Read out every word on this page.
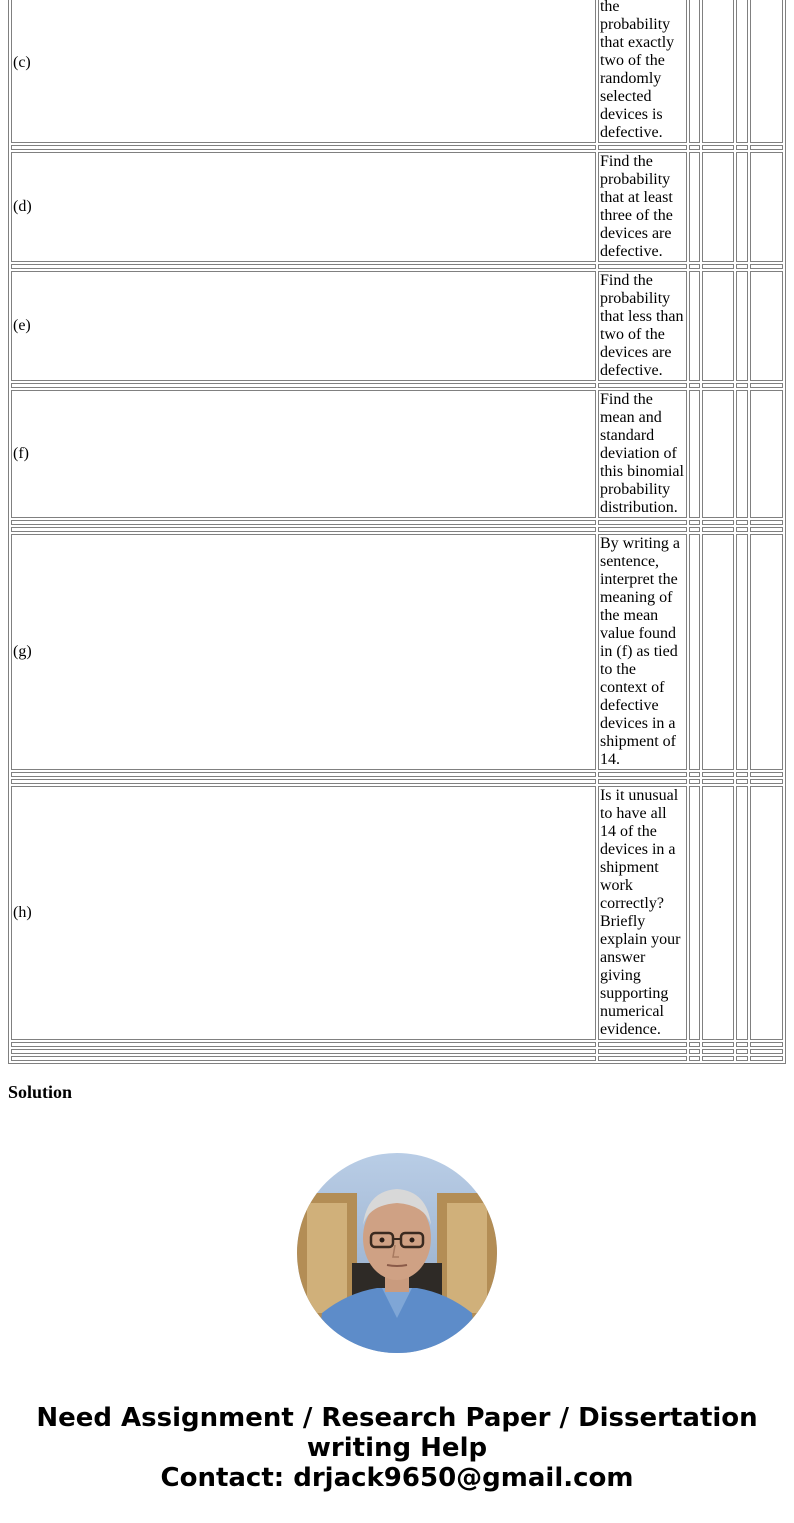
(c)	the probability that exactly two of the randomly selected devices is defective.				

(d)	Find the probability that at least three of the devices are defective.				

(e)	Find the probability that less than two of the devices are defective.				

(f)	Find the mean and standard deviation of this binomial probability distribution.				

(g)	By writing a sentence, interpret the meaning of the mean value found in (f) as tied to the context of defective devices in a shipment of 14.				

(h)	Is it unusual to have all 14 of the devices in a shipment work correctly? Briefly explain your answer giving supporting numerical evidence.				

Solution
Need Assignment / Research Paper / Dissertation
writing Help
Contact: drjack9650@gmail.com
